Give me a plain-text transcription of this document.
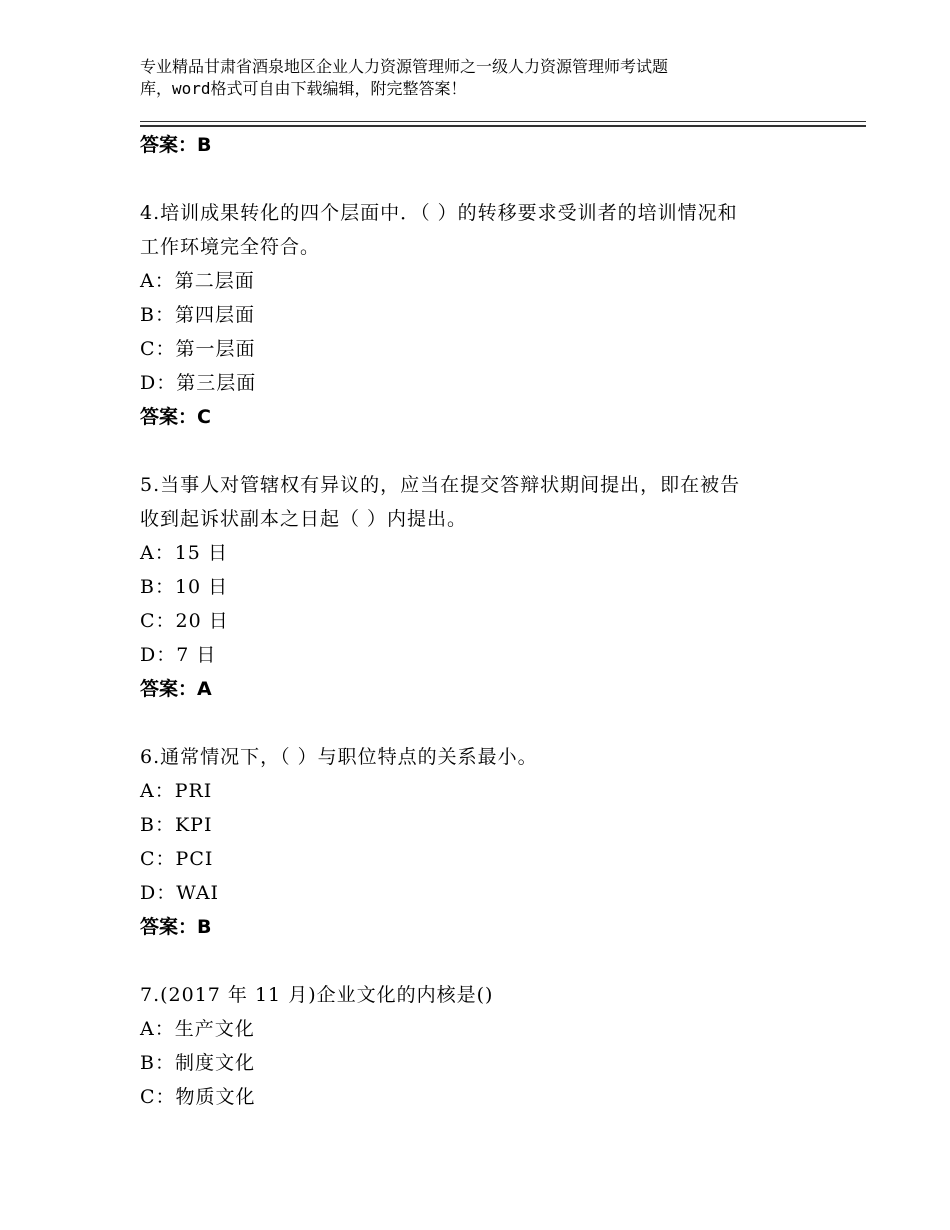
专业精品甘肃省酒泉地区企业人力资源管理师之一级人力资源管理师考试题
库，word格式可自由下载编辑，附完整答案！
答案：B
4.培训成果转化的四个层面中．（ ）的转移要求受训者的培训情况和
工作环境完全符合。
A：第二层面
B：第四层面
C：第一层面
D：第三层面
答案：C
5.当事人对管辖权有异议的，应当在提交答辩状期间提出，即在被告
收到起诉状副本之日起（ ）内提出。
A：15 日
B：10 日
C：20 日
D：7 日
答案：A
6.通常情况下，（ ）与职位特点的关系最小。
A：PRI
B：KPI
C：PCI
D：WAI
答案：B
7.(2017 年 11 月)企业文化的内核是()
A：生产文化
B：制度文化
C：物质文化
